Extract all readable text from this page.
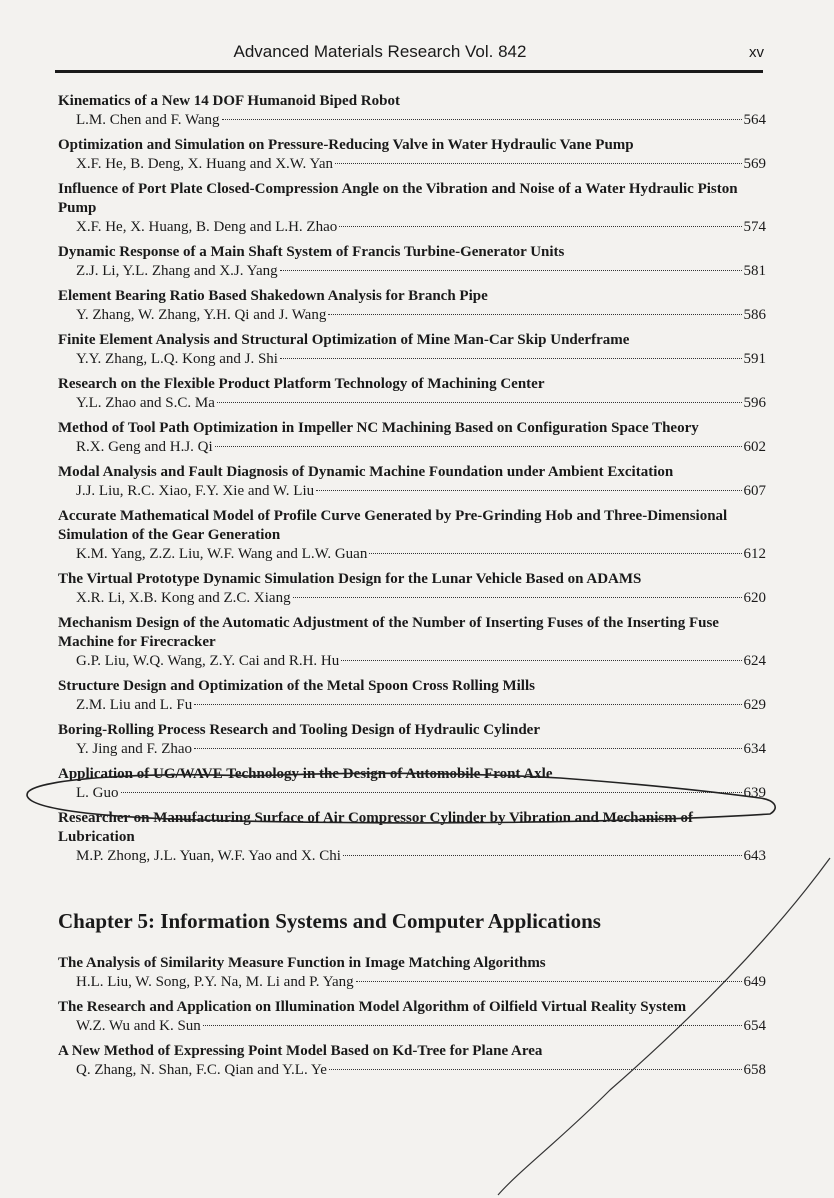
Advanced Materials Research Vol. 842	xv
Kinematics of a New 14 DOF Humanoid Biped Robot
L.M. Chen and F. Wang	564
Optimization and Simulation on Pressure-Reducing Valve in Water Hydraulic Vane Pump
X.F. He, B. Deng, X. Huang and X.W. Yan	569
Influence of Port Plate Closed-Compression Angle on the Vibration and Noise of a Water Hydraulic Piston Pump
X.F. He, X. Huang, B. Deng and L.H. Zhao	574
Dynamic Response of a Main Shaft System of Francis Turbine-Generator Units
Z.J. Li, Y.L. Zhang and X.J. Yang	581
Element Bearing Ratio Based Shakedown Analysis for Branch Pipe
Y. Zhang, W. Zhang, Y.H. Qi and J. Wang	586
Finite Element Analysis and Structural Optimization of Mine Man-Car Skip Underframe
Y.Y. Zhang, L.Q. Kong and J. Shi	591
Research on the Flexible Product Platform Technology of Machining Center
Y.L. Zhao and S.C. Ma	596
Method of Tool Path Optimization in Impeller NC Machining Based on Configuration Space Theory
R.X. Geng and H.J. Qi	602
Modal Analysis and Fault Diagnosis of Dynamic Machine Foundation under Ambient Excitation
J.J. Liu, R.C. Xiao, F.Y. Xie and W. Liu	607
Accurate Mathematical Model of Profile Curve Generated by Pre-Grinding Hob and Three-Dimensional Simulation of the Gear Generation
K.M. Yang, Z.Z. Liu, W.F. Wang and L.W. Guan	612
The Virtual Prototype Dynamic Simulation Design for the Lunar Vehicle Based on ADAMS
X.R. Li, X.B. Kong and Z.C. Xiang	620
Mechanism Design of the Automatic Adjustment of the Number of Inserting Fuses of the Inserting Fuse Machine for Firecracker
G.P. Liu, W.Q. Wang, Z.Y. Cai and R.H. Hu	624
Structure Design and Optimization of the Metal Spoon Cross Rolling Mills
Z.M. Liu and L. Fu	629
Boring-Rolling Process Research and Tooling Design of Hydraulic Cylinder
Y. Jing and F. Zhao	634
Application of UG/WAVE Technology in the Design of Automobile Front Axle
L. Guo	639
Researcher on Manufacturing Surface of Air Compressor Cylinder by Vibration and Mechanism of Lubrication
M.P. Zhong, J.L. Yuan, W.F. Yao and X. Chi	643
Chapter 5: Information Systems and Computer Applications
The Analysis of Similarity Measure Function in Image Matching Algorithms
H.L. Liu, W. Song, P.Y. Na, M. Li and P. Yang	649
The Research and Application on Illumination Model Algorithm of Oilfield Virtual Reality System
W.Z. Wu and K. Sun	654
A New Method of Expressing Point Model Based on Kd-Tree for Plane Area
Q. Zhang, N. Shan, F.C. Qian and Y.L. Ye	658
